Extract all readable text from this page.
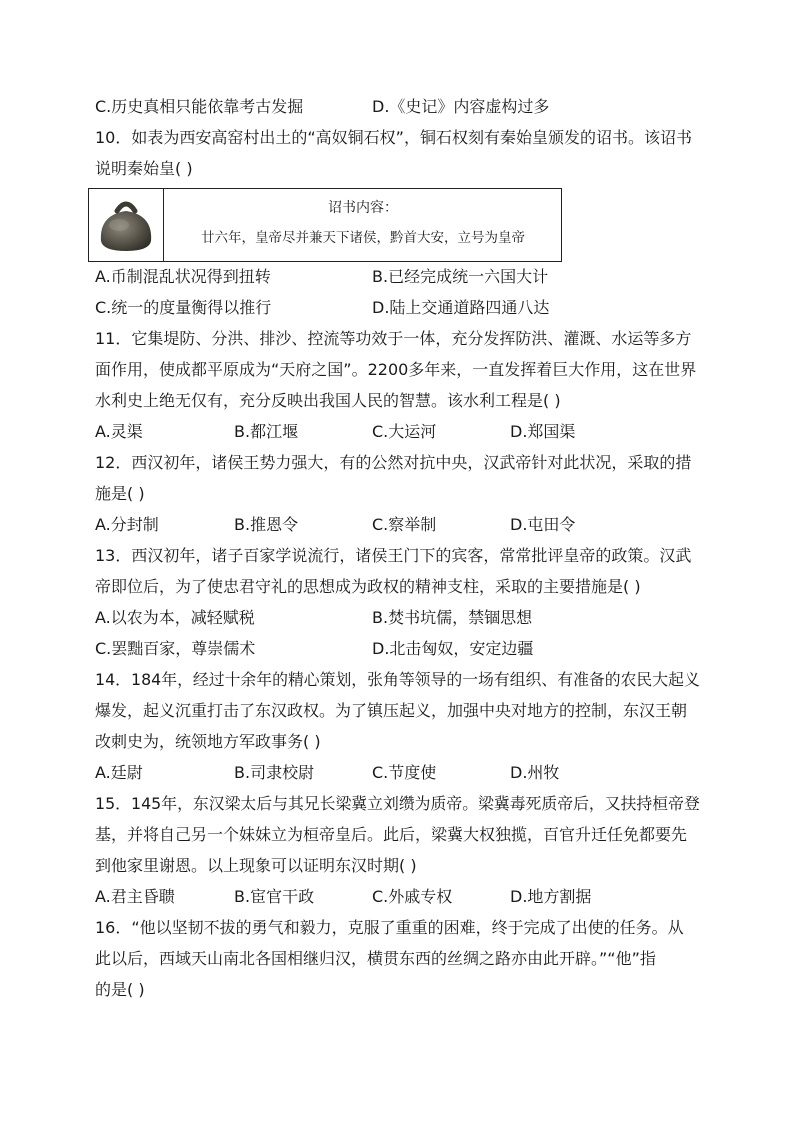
C.历史真相只能依靠考古发掘	D.《史记》内容虚构过多
10．如表为西安高窑村出土的“高奴铜石权”，铜石权刻有秦始皇颁发的诏书。该诏书
说明秦始皇( )
诏书内容：
廿六年，皇帝尽并兼天下诸侯，黔首大安，立号为皇帝
A.币制混乱状况得到扭转	B.已经完成统一六国大计
C.统一的度量衡得以推行	D.陆上交通道路四通八达
11．它集堤防、分洪、排沙、控流等功效于一体，充分发挥防洪、灌溉、水运等多方
面作用，使成都平原成为“天府之国”。2200多年来，一直发挥着巨大作用，这在世界
水利史上绝无仅有，充分反映出我国人民的智慧。该水利工程是( )
A.灵渠	B.都江堰	C.大运河	D.郑国渠
12．西汉初年，诸侯王势力强大，有的公然对抗中央，汉武帝针对此状况，采取的措
施是( )
A.分封制	B.推恩令	C.察举制	D.屯田令
13．西汉初年，诸子百家学说流行，诸侯王门下的宾客，常常批评皇帝的政策。汉武
帝即位后，为了使忠君守礼的思想成为政权的精神支柱，采取的主要措施是( )
A.以农为本，减轻赋税	B.焚书坑儒，禁锢思想
C.罢黜百家，尊崇儒术	D.北击匈奴，安定边疆
14．184年，经过十余年的精心策划，张角等领导的一场有组织、有准备的农民大起义
爆发，起义沉重打击了东汉政权。为了镇压起义，加强中央对地方的控制，东汉王朝
改刺史为，统领地方军政事务( )
A.廷尉	B.司隶校尉	C.节度使	D.州牧
15．145年，东汉梁太后与其兄长梁冀立刘缵为质帝。梁冀毒死质帝后，又扶持桓帝登
基，并将自己另一个妹妹立为桓帝皇后。此后，梁冀大权独揽，百官升迁任免都要先
到他家里谢恩。以上现象可以证明东汉时期( )
A.君主昏聩	B.宦官干政	C.外戚专权	D.地方割据
16．“他以坚韧不拔的勇气和毅力，克服了重重的困难，终于完成了出使的任务。从
此以后，西域天山南北各国相继归汉，横贯东西的丝绸之路亦由此开辟。”“他”指
的是( )
